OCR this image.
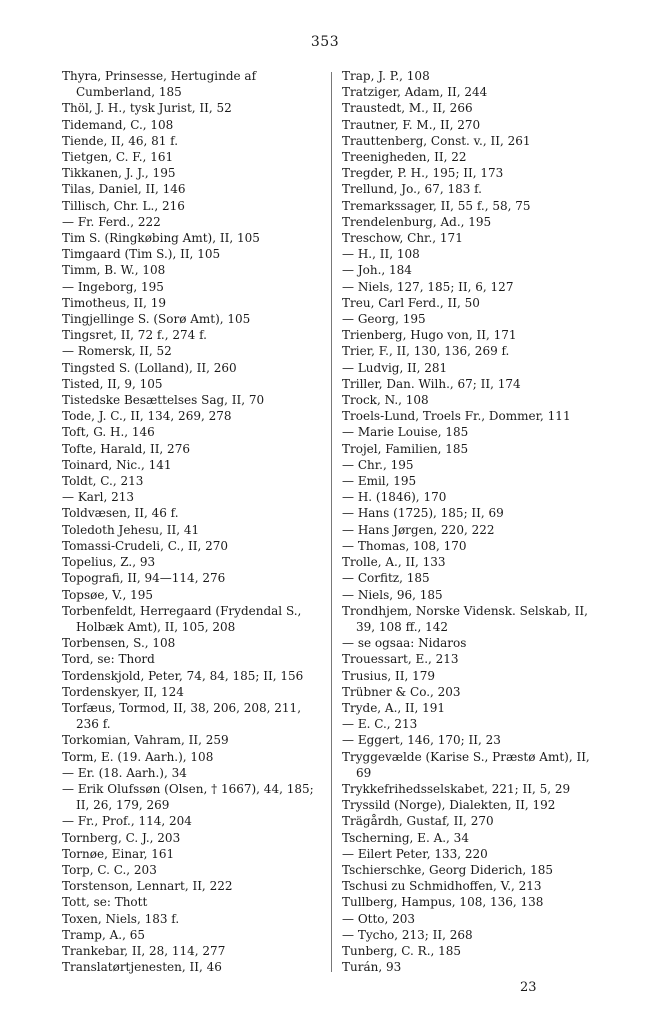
353
Thyra, Prinsesse, Hertuginde af Cumberland, 185
Thöl, J. H., tysk Jurist, II, 52
Tidemand, C., 108
Tiende, II, 46, 81 f.
Tietgen, C. F., 161
Tikkanen, J. J., 195
Tilas, Daniel, II, 146
Tillisch, Chr. L., 216
— Fr. Ferd., 222
Tim S. (Ringkøbing Amt), II, 105
Timgaard (Tim S.), II, 105
Timm, B. W., 108
— Ingeborg, 195
Timotheus, II, 19
Tingjellinge S. (Sorø Amt), 105
Tingsret, II, 72 f., 274 f.
— Romersk, II, 52
Tingsted S. (Lolland), II, 260
Tisted, II, 9, 105
Tistedske Besættelses Sag, II, 70
Tode, J. C., II, 134, 269, 278
Toft, G. H., 146
Tofte, Harald, II, 276
Toinard, Nic., 141
Toldt, C., 213
— Karl, 213
Toldvæsen, II, 46 f.
Toledoth Jehesu, II, 41
Tomassi-Crudeli, C., II, 270
Topelius, Z., 93
Topografi, II, 94—114, 276
Topsøe, V., 195
Torbenfeldt, Herregaard (Frydendal S., Holbæk Amt), II, 105, 208
Torbensen, S., 108
Tord, se: Thord
Tordenskjold, Peter, 74, 84, 185; II, 156
Tordenskyer, II, 124
Torfæus, Tormod, II, 38, 206, 208, 211, 236 f.
Torkomian, Vahram, II, 259
Torm, E. (19. Aarh.), 108
— Er. (18. Aarh.), 34
— Erik Olufssøn (Olsen, † 1667), 44, 185; II, 26, 179, 269
— Fr., Prof., 114, 204
Tornberg, C. J., 203
Tornøe, Einar, 161
Torp, C. C., 203
Torstenson, Lennart, II, 222
Tott, se: Thott
Toxen, Niels, 183 f.
Tramp, A., 65
Trankebar, II, 28, 114, 277
Translatørtjenesten, II, 46
Trap, J. P., 108
Tratziger, Adam, II, 244
Traustedt, M., II, 266
Trautner, F. M., II, 270
Trauttenberg, Const. v., II, 261
Treenigheden, II, 22
Tregder, P. H., 195; II, 173
Trellund, Jo., 67, 183 f.
Tremarkssager, II, 55 f., 58, 75
Trendelenburg, Ad., 195
Treschow, Chr., 171
— H., II, 108
— Joh., 184
— Niels, 127, 185; II, 6, 127
Treu, Carl Ferd., II, 50
— Georg, 195
Trienberg, Hugo von, II, 171
Trier, F., II, 130, 136, 269 f.
— Ludvig, II, 281
Triller, Dan. Wilh., 67; II, 174
Trock, N., 108
Troels-Lund, Troels Fr., Dommer, 111
— Marie Louise, 185
Trojel, Familien, 185
— Chr., 195
— Emil, 195
— H. (1846), 170
— Hans (1725), 185; II, 69
— Hans Jørgen, 220, 222
— Thomas, 108, 170
Trolle, A., II, 133
— Corfitz, 185
— Niels, 96, 185
Trondhjem, Norske Vidensk. Selskab, II, 39, 108 ff., 142
— se ogsaa: Nidaros
Trouessart, E., 213
Trusius, II, 179
Trübner & Co., 203
Tryde, A., II, 191
— E. C., 213
— Eggert, 146, 170; II, 23
Tryggevælde (Karise S., Præstø Amt), II, 69
Trykkefrihedsselskabet, 221; II, 5, 29
Tryssild (Norge), Dialekten, II, 192
Trägårdh, Gustaf, II, 270
Tscherning, E. A., 34
— Eilert Peter, 133, 220
Tschierschke, Georg Diderich, 185
Tschusi zu Schmidhoffen, V., 213
Tullberg, Hampus, 108, 136, 138
— Otto, 203
— Tycho, 213; II, 268
Tunberg, C. R., 185
Turán, 93
23
